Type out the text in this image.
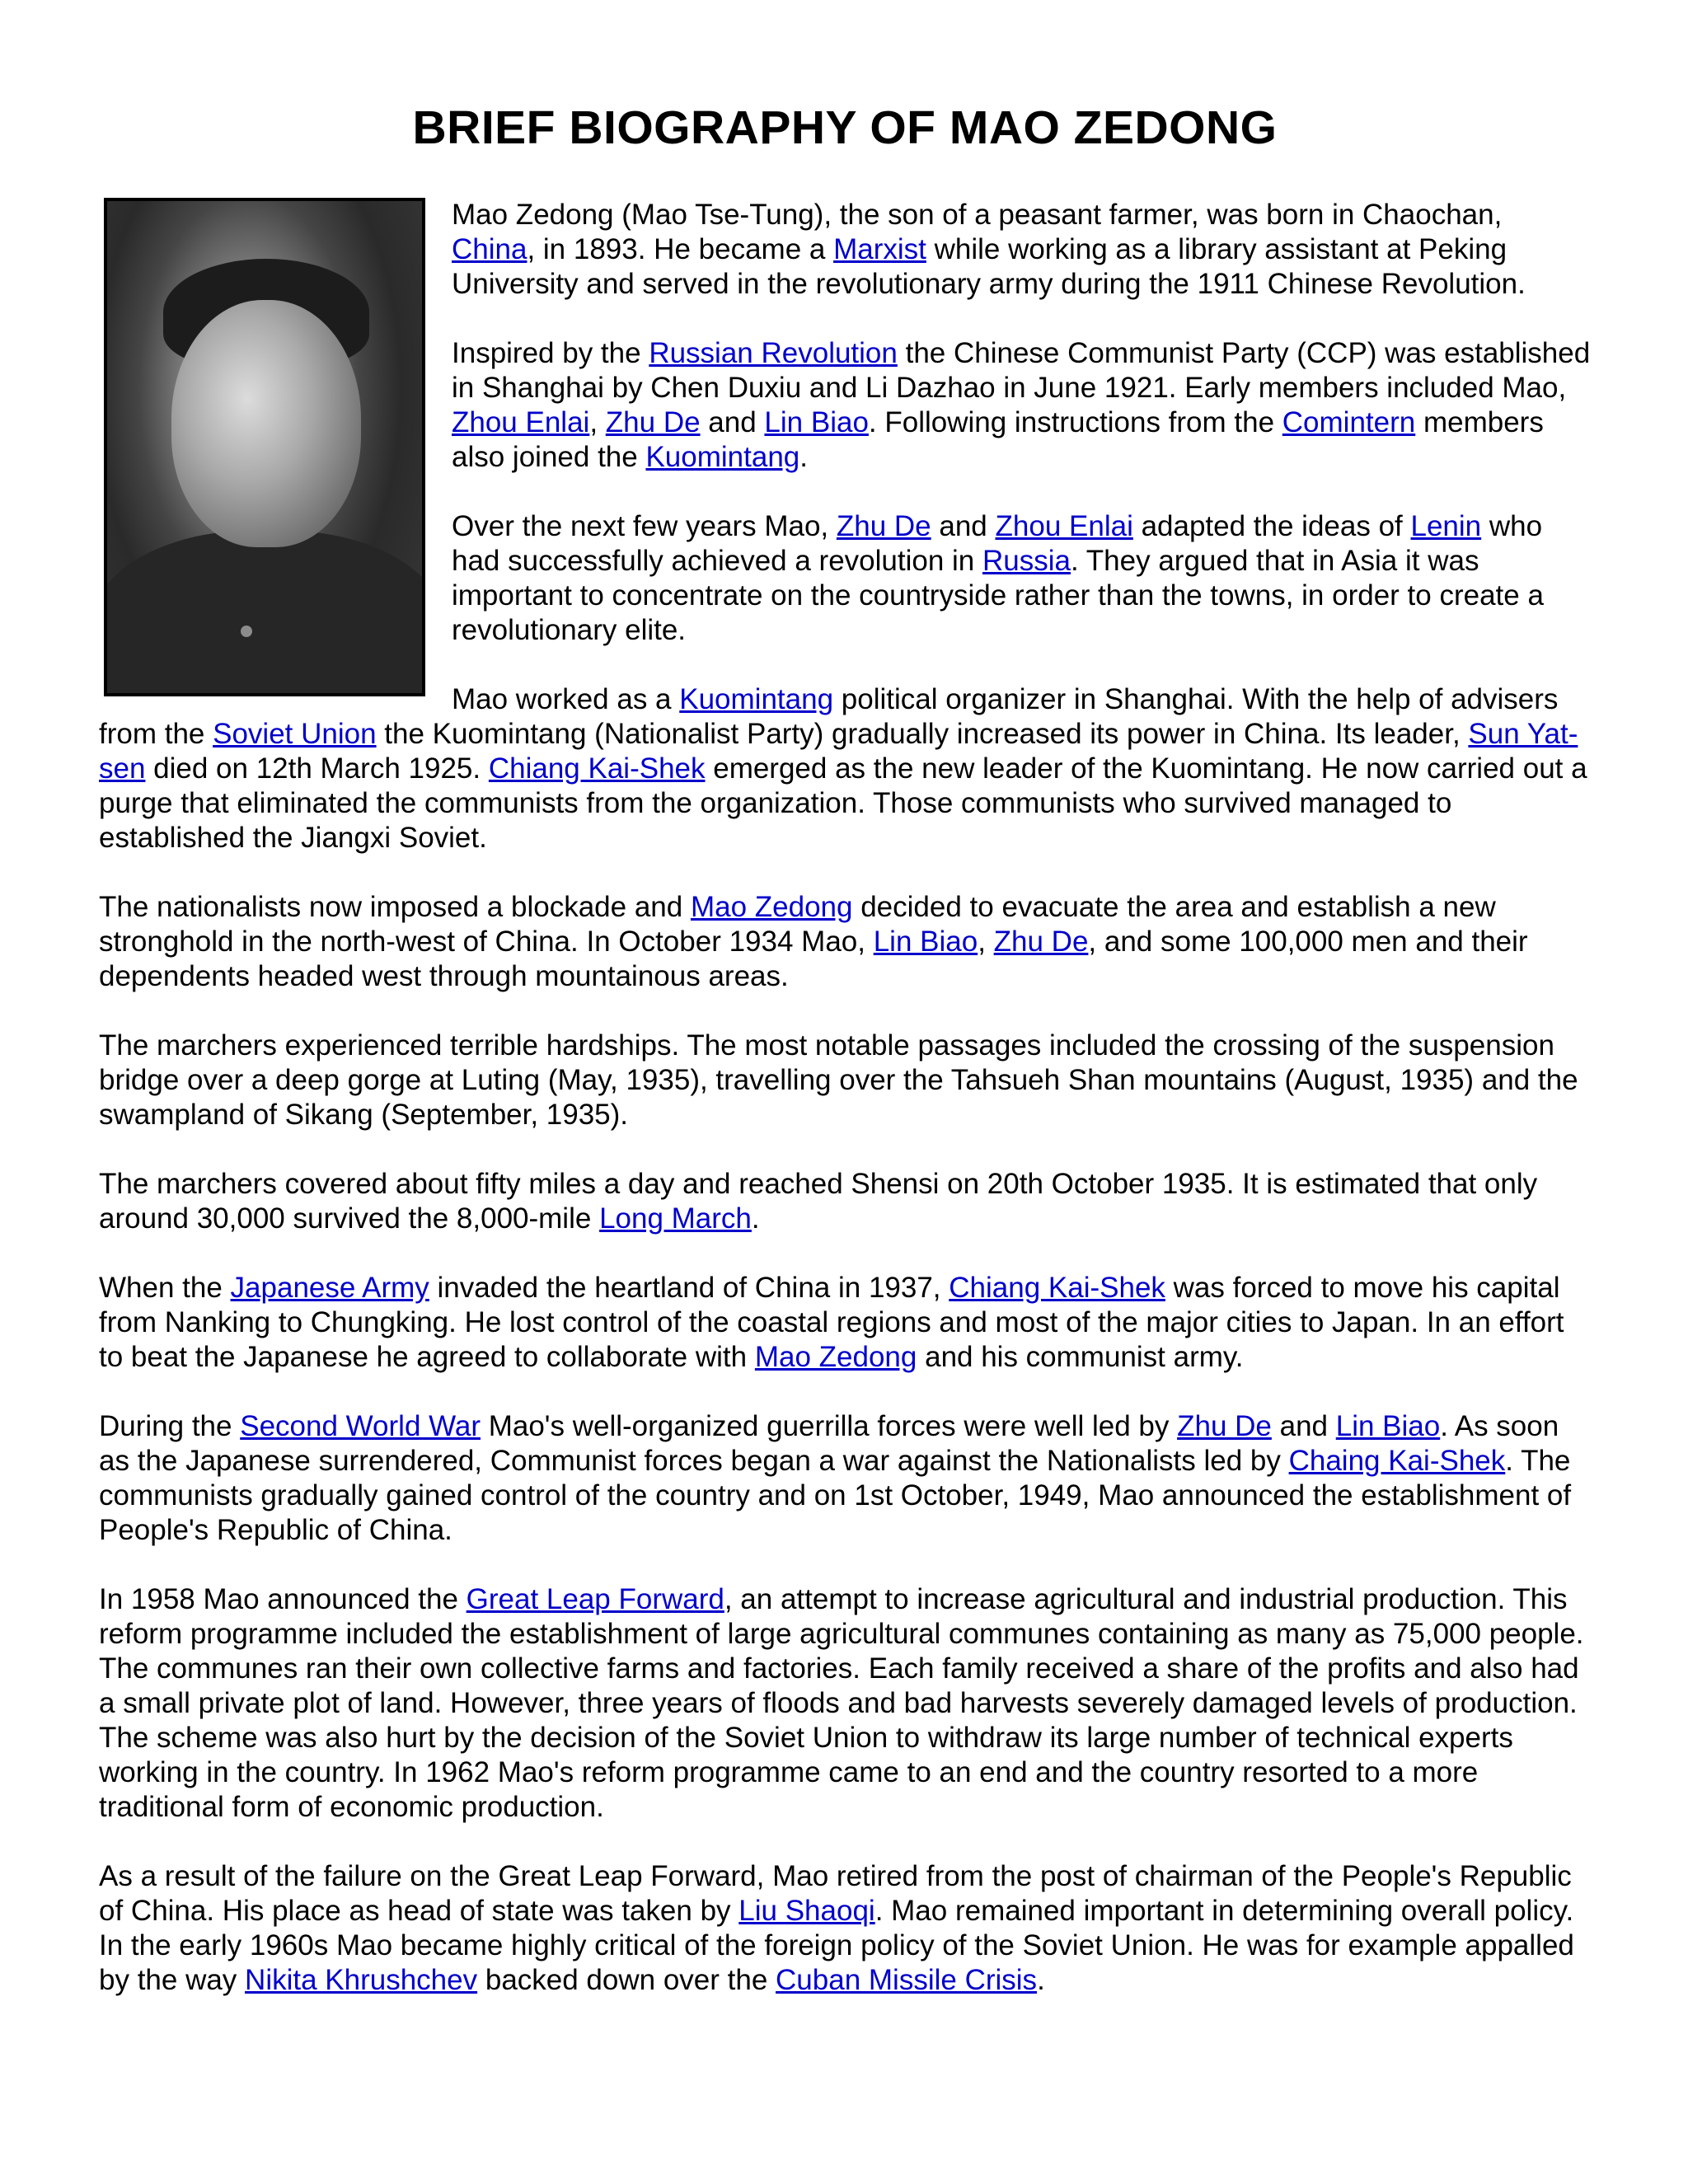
BRIEF BIOGRAPHY OF MAO ZEDONG

Mao Zedong (Mao Tse-Tung), the son of a peasant farmer, was born in Chaochan, China, in 1893. He became a Marxist while working as a library assistant at Peking University and served in the revolutionary army during the 1911 Chinese Revolution.

Inspired by the Russian Revolution the Chinese Communist Party (CCP) was established in Shanghai by Chen Duxiu and Li Dazhao in June 1921. Early members included Mao, Zhou Enlai, Zhu De and Lin Biao. Following instructions from the Comintern members also joined the Kuomintang.

Over the next few years Mao, Zhu De and Zhou Enlai adapted the ideas of Lenin who had successfully achieved a revolution in Russia. They argued that in Asia it was important to concentrate on the countryside rather than the towns, in order to create a revolutionary elite.

Mao worked as a Kuomintang political organizer in Shanghai. With the help of advisers from the Soviet Union the Kuomintang (Nationalist Party) gradually increased its power in China. Its leader, Sun Yat-sen died on 12th March 1925. Chiang Kai-Shek emerged as the new leader of the Kuomintang. He now carried out a purge that eliminated the communists from the organization. Those communists who survived managed to established the Jiangxi Soviet.

The nationalists now imposed a blockade and Mao Zedong decided to evacuate the area and establish a new stronghold in the north-west of China. In October 1934 Mao, Lin Biao, Zhu De, and some 100,000 men and their dependents headed west through mountainous areas.

The marchers experienced terrible hardships. The most notable passages included the crossing of the suspension bridge over a deep gorge at Luting (May, 1935), travelling over the Tahsueh Shan mountains (August, 1935) and the swampland of Sikang (September, 1935).

The marchers covered about fifty miles a day and reached Shensi on 20th October 1935. It is estimated that only around 30,000 survived the 8,000-mile Long March.

When the Japanese Army invaded the heartland of China in 1937, Chiang Kai-Shek was forced to move his capital from Nanking to Chungking. He lost control of the coastal regions and most of the major cities to Japan. In an effort to beat the Japanese he agreed to collaborate with Mao Zedong and his communist army.

During the Second World War Mao's well-organized guerrilla forces were well led by Zhu De and Lin Biao. As soon as the Japanese surrendered, Communist forces began a war against the Nationalists led by Chaing Kai-Shek. The communists gradually gained control of the country and on 1st October, 1949, Mao announced the establishment of People's Republic of China.

In 1958 Mao announced the Great Leap Forward, an attempt to increase agricultural and industrial production. This reform programme included the establishment of large agricultural communes containing as many as 75,000 people. The communes ran their own collective farms and factories. Each family received a share of the profits and also had a small private plot of land. However, three years of floods and bad harvests severely damaged levels of production. The scheme was also hurt by the decision of the Soviet Union to withdraw its large number of technical experts working in the country. In 1962 Mao's reform programme came to an end and the country resorted to a more traditional form of economic production.

As a result of the failure on the Great Leap Forward, Mao retired from the post of chairman of the People's Republic of China. His place as head of state was taken by Liu Shaoqi. Mao remained important in determining overall policy. In the early 1960s Mao became highly critical of the foreign policy of the Soviet Union. He was for example appalled by the way Nikita Khrushchev backed down over the Cuban Missile Crisis.
